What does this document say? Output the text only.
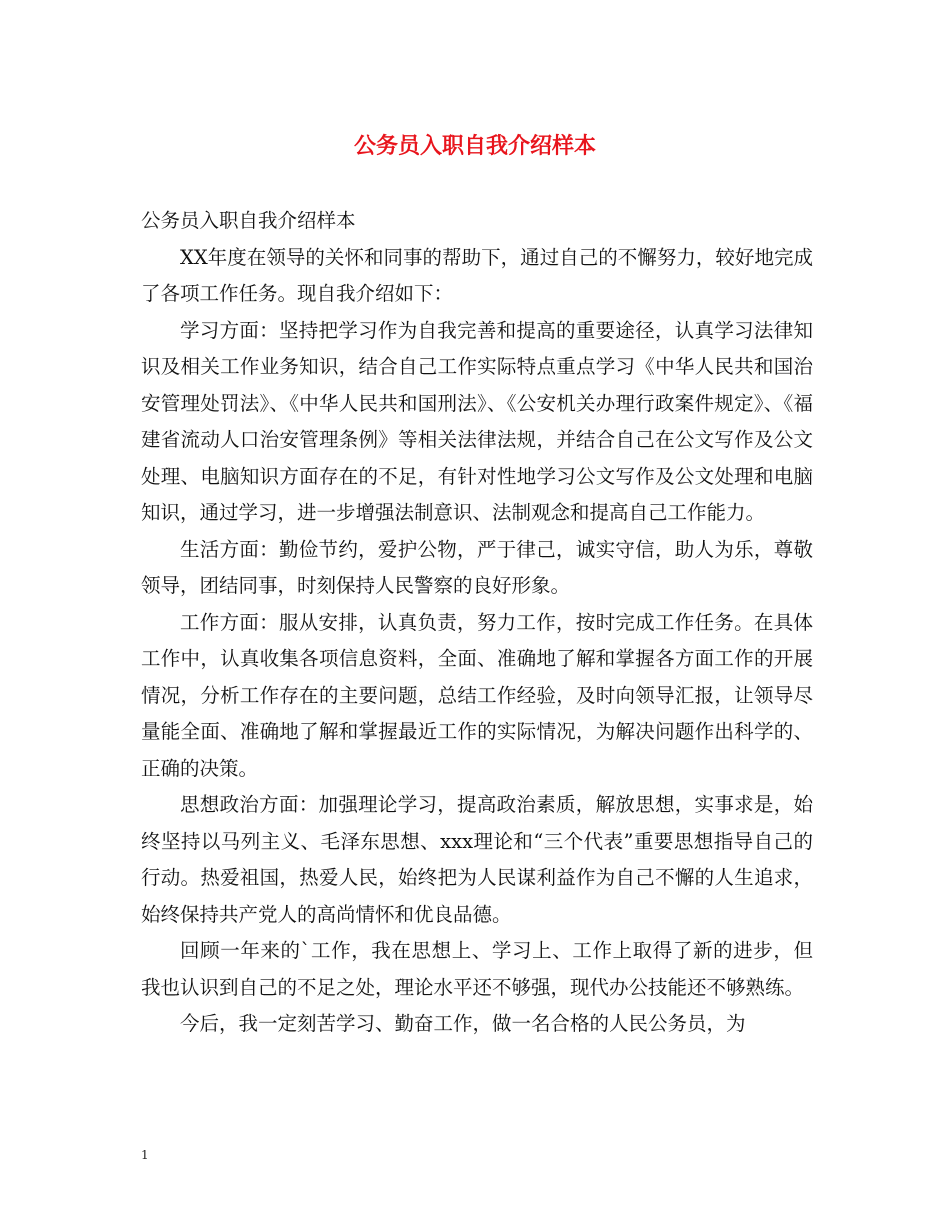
公务员入职自我介绍样本

公务员入职自我介绍样本

XX年度在领导的关怀和同事的帮助下，通过自己的不懈努力，较好地完成了各项工作任务。现自我介绍如下：

学习方面：坚持把学习作为自我完善和提高的重要途径，认真学习法律知识及相关工作业务知识，结合自己工作实际特点重点学习《中华人民共和国治安管理处罚法》、《中华人民共和国刑法》、《公安机关办理行政案件规定》、《福建省流动人口治安管理条例》等相关法律法规，并结合自己在公文写作及公文处理、电脑知识方面存在的不足，有针对性地学习公文写作及公文处理和电脑知识，通过学习，进一步增强法制意识、法制观念和提高自己工作能力。

生活方面：勤俭节约，爱护公物，严于律己，诚实守信，助人为乐，尊敬领导，团结同事，时刻保持人民警察的良好形象。

工作方面：服从安排，认真负责，努力工作，按时完成工作任务。在具体工作中，认真收集各项信息资料，全面、准确地了解和掌握各方面工作的开展情况，分析工作存在的主要问题，总结工作经验，及时向领导汇报，让领导尽量能全面、准确地了解和掌握最近工作的实际情况，为解决问题作出科学的、正确的决策。

思想政治方面：加强理论学习，提高政治素质，解放思想，实事求是，始终坚持以马列主义、毛泽东思想、xxx理论和“三个代表”重要思想指导自己的行动。热爱祖国，热爱人民，始终把为人民谋利益作为自己不懈的人生追求，始终保持共产党人的高尚情怀和优良品德。

回顾一年来的`工作，我在思想上、学习上、工作上取得了新的进步，但我也认识到自己的不足之处，理论水平还不够强，现代办公技能还不够熟练。

今后，我一定刻苦学习、勤奋工作，做一名合格的人民公务员，为

1
